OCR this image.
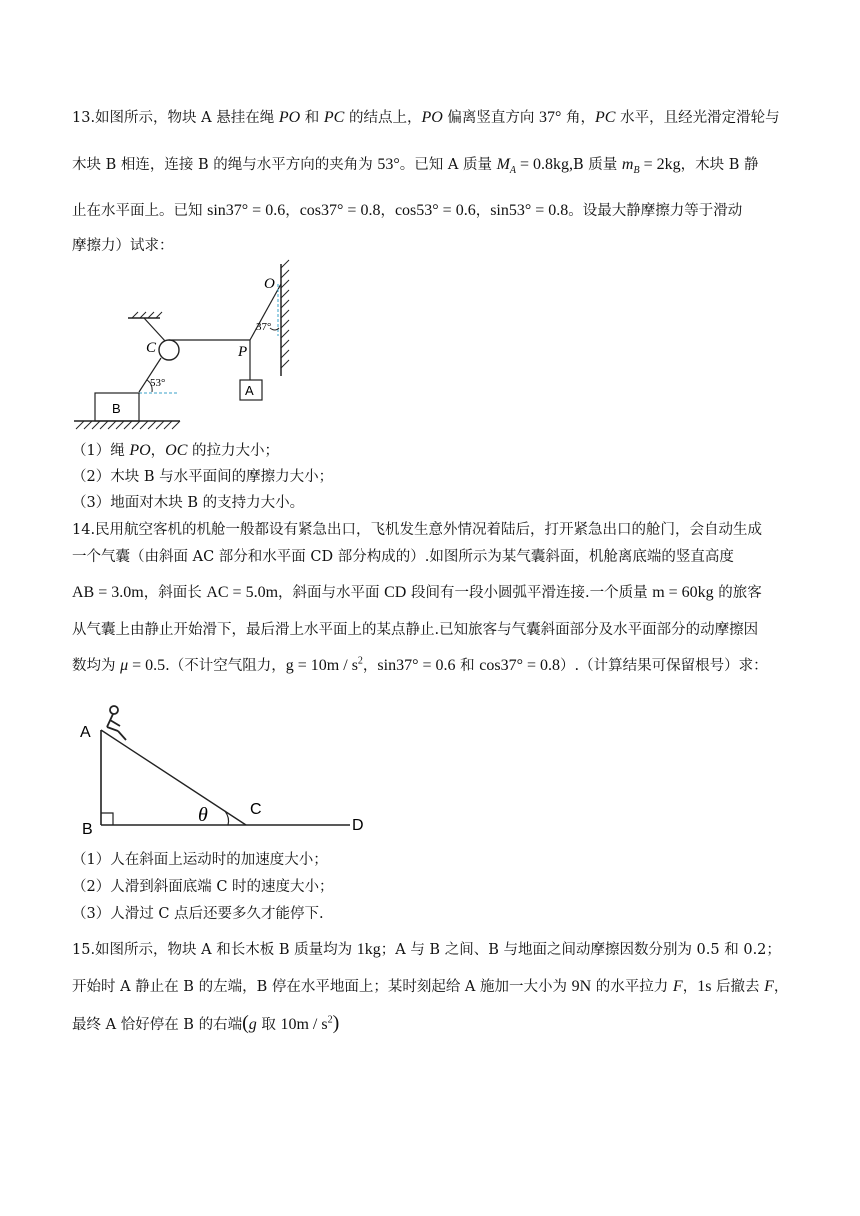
13.如图所示，物块 A 悬挂在绳 PO 和 PC 的结点上，PO 偏离竖直方向 37° 角，PC 水平，且经光滑定滑轮与
木块 B 相连，连接 B 的绳与水平方向的夹角为 53°。已知 A 质量 $M_A = 0.8kg,B$ 质量 $m_B = 2kg$，木块 B 静
止在水平面上。已知 sin37° = 0.6，cos37° = 0.8，cos53° = 0.6，sin53° = 0.8。设最大静摩擦力等于滑动
摩擦力）试求：
O
37°
C	P
A
53°
B
（1）绳 PO，OC 的拉力大小；
（2）木块 B 与水平面间的摩擦力大小；
（3）地面对木块 B 的支持力大小。
14.民用航空客机的机舱一般都设有紧急出口，飞机发生意外情况着陆后，打开紧急出口的舱门，会自动生成
一个气囊（由斜面 AC 部分和水平面 CD 部分构成的）.如图所示为某气囊斜面，机舱离底端的竖直高度
AB = 3.0m，斜面长 AC = 5.0m，斜面与水平面 CD 段间有一段小圆弧平滑连接.一个质量 m = 60kg 的旅客
从气囊上由静止开始滑下，最后滑上水平面上的某点静止.已知旅客与气囊斜面部分及水平面部分的动摩擦因
数均为 μ = 0.5.（不计空气阻力，$g = 10m / s^2$，sin37° = 0.6 和 cos37° = 0.8）.（计算结果可保留根号）求：
θ
A
B
C
D
（1）人在斜面上运动时的加速度大小；
（2）人滑到斜面底端 C 时的速度大小；
（3）人滑过 C 点后还要多久才能停下.
15.如图所示，物块 A 和长木板 B 质量均为 1kg；A 与 B 之间、B 与地面之间动摩擦因数分别为 0.5 和 0.2；
开始时 A 静止在 B 的左端，B 停在水平地面上；某时刻起给 A 施加一大小为 9N 的水平拉力 F，1s 后撤去 F，
最终 A 恰好停在 B 的右端(g 取 $10m / s^2$)
